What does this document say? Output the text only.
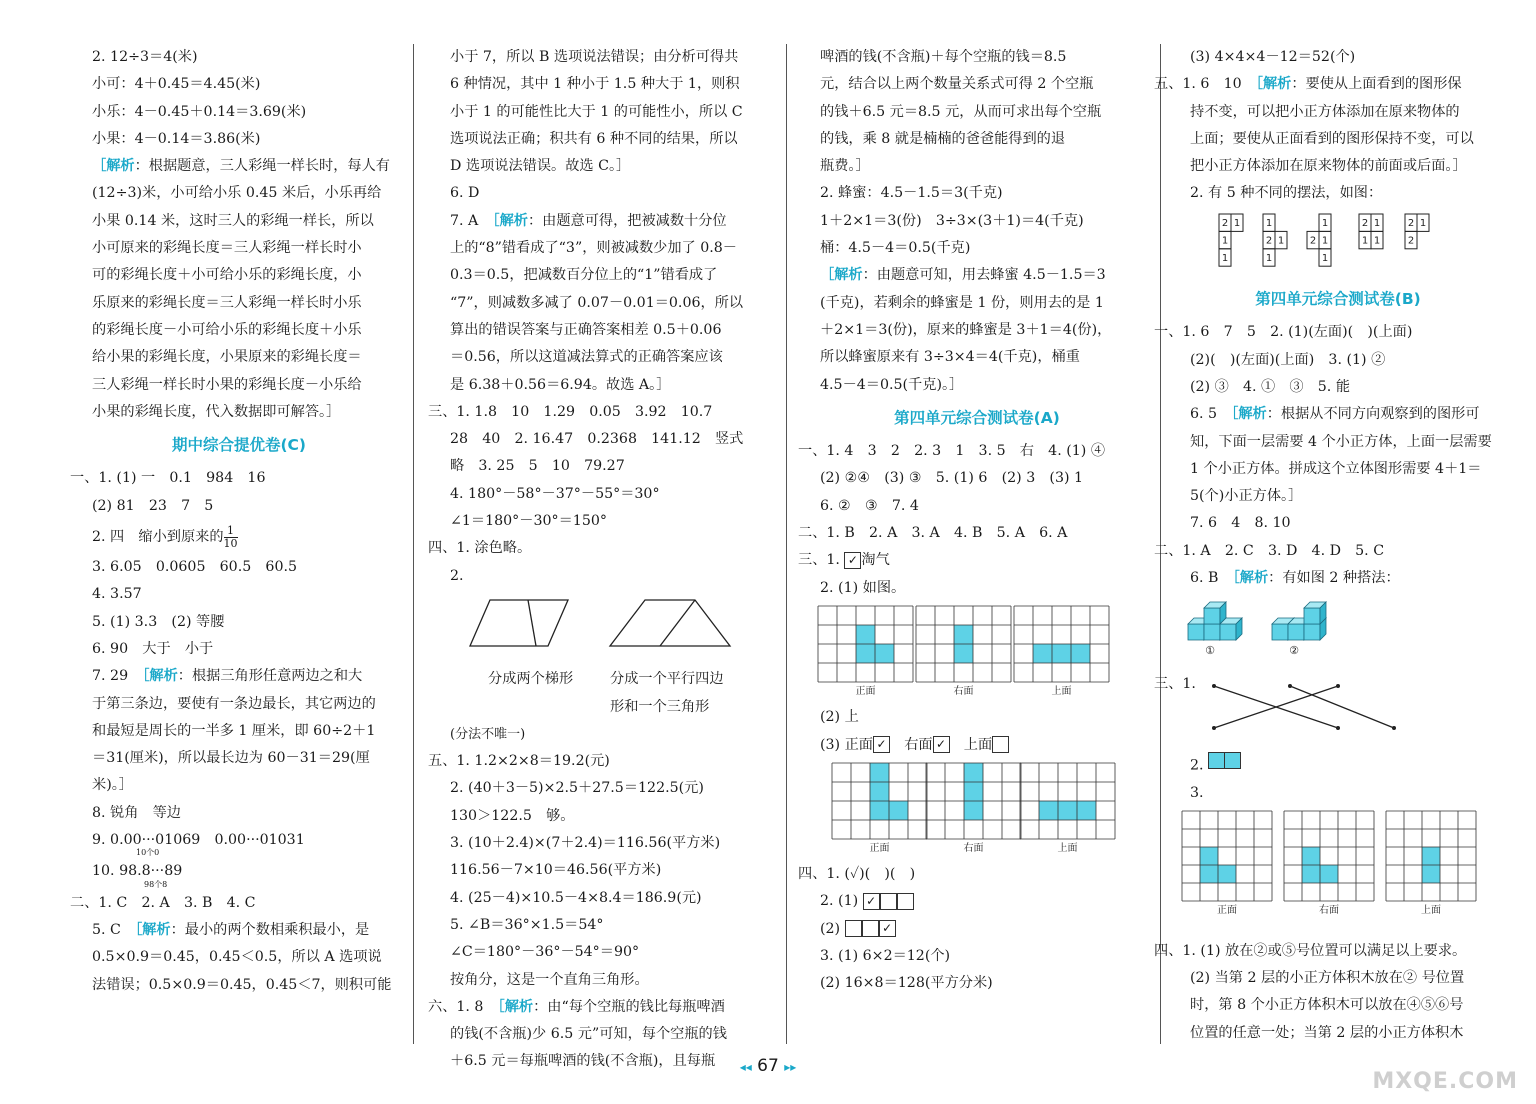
2. 12÷3＝4(米)
小可：4＋0.45＝4.45(米)
小乐：4－0.45＋0.14＝3.69(米)
小果：4－0.14＝3.86(米)
［解析：根据题意，三人彩绳一样长时，每人有
(12÷3)米，小可给小乐 0.45 米后，小乐再给
小果 0.14 米，这时三人的彩绳一样长，所以
小可原来的彩绳长度＝三人彩绳一样长时小
可的彩绳长度＋小可给小乐的彩绳长度，小
乐原来的彩绳长度＝三人彩绳一样长时小乐
的彩绳长度－小可给小乐的彩绳长度＋小乐
给小果的彩绳长度，小果原来的彩绳长度＝
三人彩绳一样长时小果的彩绳长度－小乐给
小果的彩绳长度，代入数据即可解答。］
期中综合提优卷(C)
一、1. (1) 一　0.1　984　16
(2) 81　23　7　5
2. 四　缩小到原来的 $\frac{1}{10}$
3. 6.05　0.0605　60.5　60.5
4. 3.57
5. (1) 3.3　(2) 等腰
6. 90　大于　小于
7. 29　［解析：根据三角形任意两边之和大
于第三条边，要使有一条边最长，其它两边的
和最短是周长的一半多 1 厘米，即 60÷2＋1
＝31(厘米)，所以最长边为 60－31＝29(厘
米)。］
8. 锐角　等边
9. 0.00···01069　0.00···01031
10个0
10. 98.8···89
98个8
二、1. C　2. A　3. B　4. C
5. C　［解析：最小的两个数相乘积最小，是
0.5×0.9＝0.45，0.45＜0.5，所以 A 选项说
法错误；0.5×0.9＝0.45，0.45＜7，则积可能
小于 7，所以 B 选项说法错误；由分析可得共
6 种情况，其中 1 种小于 1.5 种大于 1，则积
小于 1 的可能性比大于 1 的可能性小，所以 C
选项说法正确；积共有 6 种不同的结果，所以
D 选项说法错误。故选 C。］
6. D
7. A　［解析：由题意可得，把被减数十分位
上的“8”错看成了“3”，则被减数少加了 0.8－
0.3＝0.5，把减数百分位上的“1”错看成了
“7”，则减数多减了 0.07－0.01＝0.06，所以
算出的错误答案与正确答案相差 0.5＋0.06
＝0.56，所以这道减法算式的正确答案应该
是 6.38＋0.56＝6.94。故选 A。］
三、1. 1.8　10　1.29　0.05　3.92　10.7
28　40　2. 16.47　0.2368　141.12　竖式
略　3. 25　5　10　79.27
4. 180°－58°－37°－55°＝30°
∠1＝180°－30°＝150°
四、1. 涂色略。
2.
分成两个梯形	分成一个平行四边
形和一个三角形
(分法不唯一)
五、1. 1.2×2×8＝19.2(元)
2. (40＋3－5)×2.5＋27.5＝122.5(元)
130＞122.5　够。
3. (10＋2.4)×(7＋2.4)＝116.56(平方米)
116.56－7×10＝46.56(平方米)
4. (25－4)×10.5－4×8.4＝186.9(元)
5. ∠B＝36°×1.5＝54°
∠C＝180°－36°－54°＝90°
按角分，这是一个直角三角形。
六、1. 8　［解析：由“每个空瓶的钱比每瓶啤酒
的钱(不含瓶)少 6.5 元”可知，每个空瓶的钱
＋6.5 元＝每瓶啤酒的钱(不含瓶)，且每瓶
啤酒的钱(不含瓶)＋每个空瓶的钱＝8.5
元，结合以上两个数量关系式可得 2 个空瓶
的钱＋6.5 元＝8.5 元，从而可求出每个空瓶
的钱，乘 8 就是楠楠的爸爸能得到的退
瓶费。］
2. 蜂蜜：4.5－1.5＝3(千克)
1＋2×1＝3(份)　3÷3×(3＋1)＝4(千克)
桶：4.5－4＝0.5(千克)
［解析：由题意可知，用去蜂蜜 4.5－1.5＝3
(千克)，若剩余的蜂蜜是 1 份，则用去的是 1
＋2×1＝3(份)，原来的蜂蜜是 3＋1＝4(份)，
所以蜂蜜原来有 3÷3×4＝4(千克)，桶重
4.5－4＝0.5(千克)。］
第四单元综合测试卷(A)
一、1. 4　3　2　2. 3　1　3. 5　右　4. (1) ④
(2) ②④　(3) ③　5. (1) 6　(2) 3　(3) 1
6. ②　③　7. 4
二、1. B　2. A　3. A　4. B　5. A　6. A
三、1. ✓ 淘气
2. (1) 如图。
正面	右面	上面
(2) 上
(3) 正面 ✓　 右面 ✓　 上面
正面	右面	上面
四、1. (✓)(　)(　)
2. (1) ✓
(2)	✓
3. (1) 6×2＝12(个)
(2) 16×8＝128(平方分米)
(3) 4×4×4－12＝52(个)
五、1. 6　10　［解析：要使从上面看到的图形保
持不变，可以把小正方体添加在原来物体的
上面；要使从正面看到的图形保持不变，可以
把小正方体添加在原来物体的前面或后面。］
2. 有 5 种不同的摆法，如图：
2 1
1
1
1
2 1
1
1
2 1
1
2 1
1 1
2 1
2
第四单元综合测试卷(B)
一、1. 6　7　5　2. (1)(左面)(　)(上面)
(2)(　)(左面)(上面)　3. (1) ②
(2) ③　4. ①　③　5. 能
6. 5　［解析：根据从不同方向观察到的图形可
知，下面一层需要 4 个小正方体，上面一层需要
1 个小正方体。拼成这个立体图形需要 4＋1＝
5(个)小正方体。］
7. 6　4　8. 10
二、1. A　2. C　3. D　4. D　5. C
6. B　［解析：有如图 2 种搭法：
①	②
三、1.
2.
3.
正面	右面	上面
四、1. (1) 放在②或⑤号位置可以满足以上要求。
(2) 当第 2 层的小正方体积木放在② 号位置
时，第 8 个小正方体积木可以放在④⑤⑥号
位置的任意一处；当第 2 层的小正方体积木
◂◂ 67 ▸▸
MXQE.COM
